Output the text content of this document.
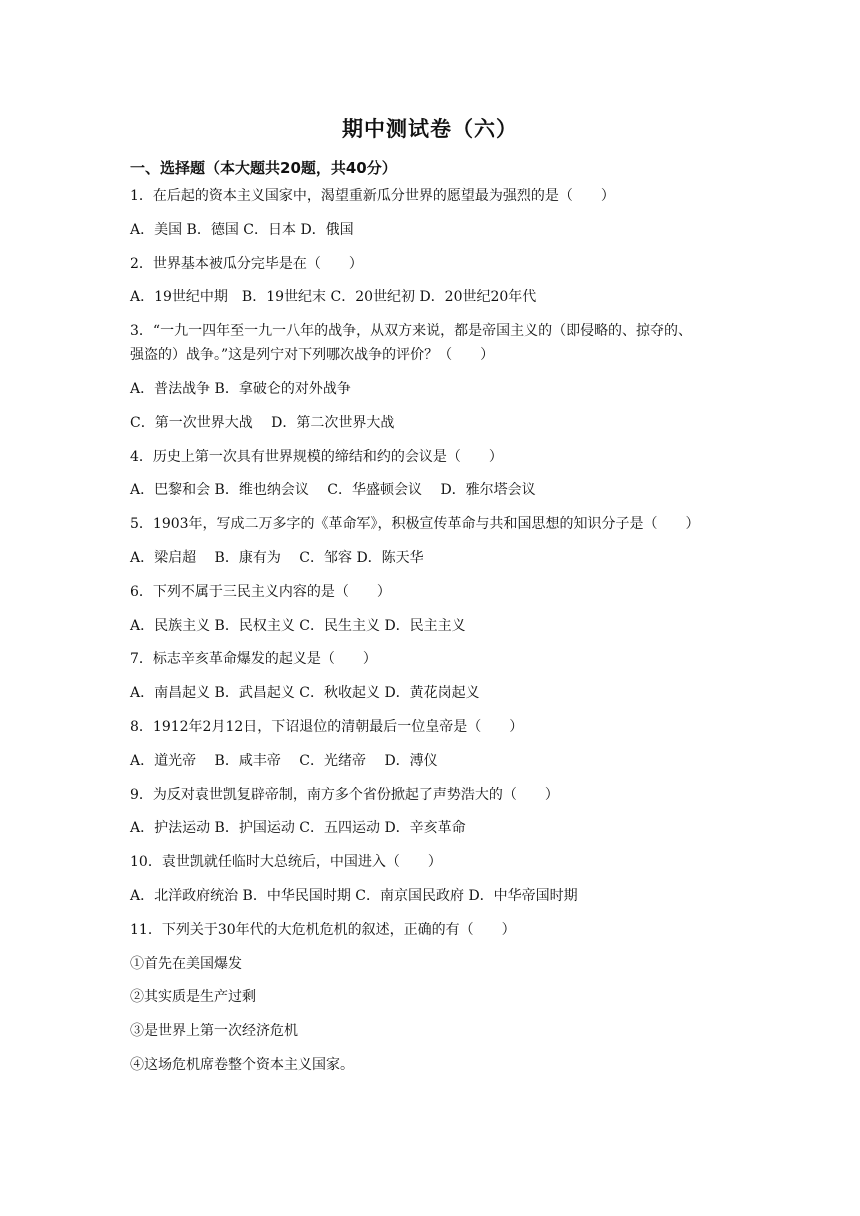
期中测试卷（六）
一、选择题（本大题共20题，共40分）
1．在后起的资本主义国家中，渴望重新瓜分世界的愿望最为强烈的是（　　）
A．美国 B．德国 C．日本 D．俄国
2．世界基本被瓜分完毕是在（　　）
A．19世纪中期　B．19世纪末 C．20世纪初 D．20世纪20年代
3．“一九一四年至一九一八年的战争，从双方来说，都是帝国主义的（即侵略的、掠夺的、
强盗的）战争。”这是列宁对下列哪次战争的评价？（　　）
A．普法战争 B．拿破仑的对外战争
C．第一次世界大战　 D．第二次世界大战
4．历史上第一次具有世界规模的缔结和约的会议是（　　）
A．巴黎和会 B．维也纳会议　 C．华盛顿会议　 D．雅尔塔会议
5．1903年，写成二万多字的《革命军》，积极宣传革命与共和国思想的知识分子是（　　）
A．梁启超　 B．康有为　 C．邹容 D．陈天华
6．下列不属于三民主义内容的是（　　）
A．民族主义 B．民权主义 C．民生主义 D．民主主义
7．标志辛亥革命爆发的起义是（　　）
A．南昌起义 B．武昌起义 C．秋收起义 D．黄花岗起义
8．1912年2月12日，下诏退位的清朝最后一位皇帝是（　　）
A．道光帝　 B．咸丰帝　 C．光绪帝　 D．溥仪
9．为反对袁世凯复辟帝制，南方多个省份掀起了声势浩大的（　　）
A．护法运动 B．护国运动 C．五四运动 D．辛亥革命
10．袁世凯就任临时大总统后，中国进入（　　）
A．北洋政府统治 B．中华民国时期 C．南京国民政府 D．中华帝国时期
11．下列关于30年代的大危机危机的叙述，正确的有（　　）
①首先在美国爆发
②其实质是生产过剩
③是世界上第一次经济危机
④这场危机席卷整个资本主义国家。
